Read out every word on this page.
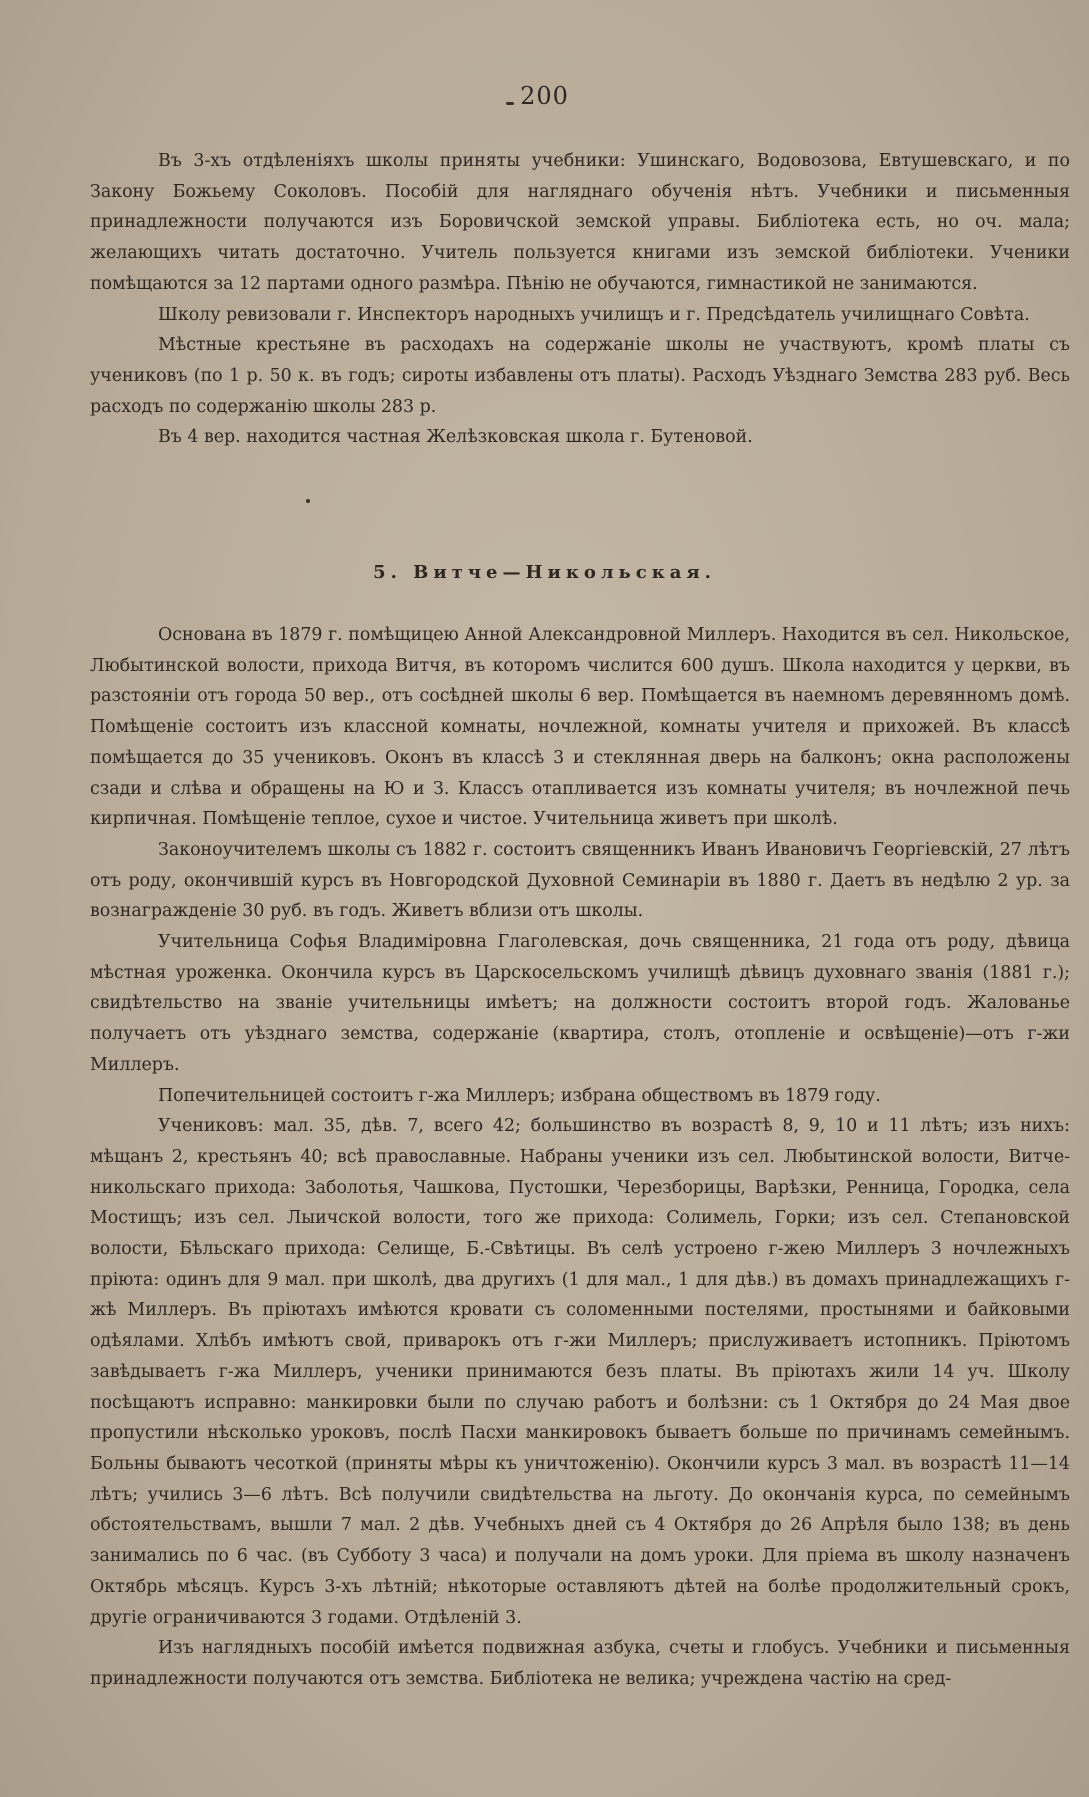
200

Въ 3-хъ отдѣленіяхъ школы приняты учебники: Ушинскаго, Водовозова, Евтушевскаго, и по Закону Божьему Соколовъ. Пособій для нагляднаго обученія нѣтъ. Учебники и письменныя принадлежности получаются изъ Боровичской земской управы. Библіотека есть, но оч. мала; желающихъ читать достаточно. Учитель пользуется книгами изъ земской библіотеки. Ученики помѣщаются за 12 партами одного размѣра. Пѣнію не обучаются, гимнастикой не занимаются.

Школу ревизовали г. Инспекторъ народныхъ училищъ и г. Предсѣдатель училищнаго Совѣта.

Мѣстные крестьяне въ расходахъ на содержаніе школы не участвуютъ, кромѣ платы съ учениковъ (по 1 р. 50 к. въ годъ; сироты избавлены отъ платы). Расходъ Уѣзднаго Земства 283 руб. Весь расходъ по содержанію школы 283 р.

Въ 4 вер. находится частная Желѣзковская школа г. Бутеновой.

5. Витче—Никольская.

Основана въ 1879 г. помѣщицею Анной Александровной Миллеръ. Находится въ сел. Никольское, Любытинской волости, прихода Витчя, въ которомъ числится 600 душъ. Школа находится у церкви, въ разстояніи отъ города 50 вер., отъ сосѣдней школы 6 вер. Помѣщается въ наемномъ деревянномъ домѣ. Помѣщеніе состоитъ изъ классной комнаты, ночлежной, комнаты учителя и прихожей. Въ классѣ помѣщается до 35 учениковъ. Оконъ въ классѣ 3 и стеклянная дверь на балконъ; окна расположены сзади и слѣва и обращены на Ю и З. Классъ отапливается изъ комнаты учителя; въ ночлежной печь кирпичная. Помѣщеніе теплое, сухое и чистое. Учительница живетъ при школѣ.

Законоучителемъ школы съ 1882 г. состоитъ священникъ Иванъ Ивановичъ Георгіевскій, 27 лѣтъ отъ роду, окончившій курсъ въ Новгородской Духовной Семинаріи въ 1880 г. Даетъ въ недѣлю 2 ур. за вознагражденіе 30 руб. въ годъ. Живетъ вблизи отъ школы.

Учительница Софья Владиміровна Глаголевская, дочь священника, 21 года отъ роду, дѣвица мѣстная уроженка. Окончила курсъ въ Царскосельскомъ училищѣ дѣвицъ духовнаго званія (1881 г.); свидѣтельство на званіе учительницы имѣетъ; на должности состоитъ второй годъ. Жалованье получаетъ отъ уѣзднаго земства, содержаніе (квартира, столъ, отопленіе и освѣщеніе)—отъ г-жи Миллеръ.

Попечительницей состоитъ г-жа Миллеръ; избрана обществомъ въ 1879 году.

Учениковъ: мал. 35, дѣв. 7, всего 42; большинство въ возрастѣ 8, 9, 10 и 11 лѣтъ; изъ нихъ: мѣщанъ 2, крестьянъ 40; всѣ православные. Набраны ученики изъ сел. Любытинской волости, Витче-никольскаго прихода: Заболотья, Чашкова, Пустошки, Черезборицы, Варѣзки, Ренница, Городка, села Мостищъ; изъ сел. Лыичской волости, того же прихода: Солимель, Горки; изъ сел. Степановской волости, Бѣльскаго прихода: Селище, Б.-Свѣтицы. Въ селѣ устроено г-жею Миллеръ 3 ночлежныхъ пріюта: одинъ для 9 мал. при школѣ, два другихъ (1 для мал., 1 для дѣв.) въ домахъ принадлежащихъ г-жѣ Миллеръ. Въ пріютахъ имѣются кровати съ соломенными постелями, простынями и байковыми одѣялами. Хлѣбъ имѣютъ свой, приварокъ отъ г-жи Миллеръ; прислуживаетъ истопникъ. Пріютомъ завѣдываетъ г-жа Миллеръ, ученики принимаются безъ платы. Въ пріютахъ жили 14 уч. Школу посѣщаютъ исправно: манкировки были по случаю работъ и болѣзни: съ 1 Октября до 24 Мая двое пропустили нѣсколько уроковъ, послѣ Пасхи манкировокъ бываетъ больше по причинамъ семейнымъ. Больны бываютъ чесоткой (приняты мѣры къ уничтоженію). Окончили курсъ 3 мал. въ возрастѣ 11—14 лѣтъ; учились 3—6 лѣтъ. Всѣ получили свидѣтельства на льготу. До окончанія курса, по семейнымъ обстоятельствамъ, вышли 7 мал. 2 дѣв. Учебныхъ дней съ 4 Октября до 26 Апрѣля было 138; въ день занимались по 6 час. (въ Субботу 3 часа) и получали на домъ уроки. Для пріема въ школу назначенъ Октябрь мѣсяцъ. Курсъ 3-хъ лѣтній; нѣкоторые оставляютъ дѣтей на болѣе продолжительный срокъ, другіе ограничиваются 3 годами. Отдѣленій 3.

Изъ наглядныхъ пособій имѣется подвижная азбука, счеты и глобусъ. Учебники и письменныя принадлежности получаются отъ земства. Библіотека не велика; учреждена частію на сред-
